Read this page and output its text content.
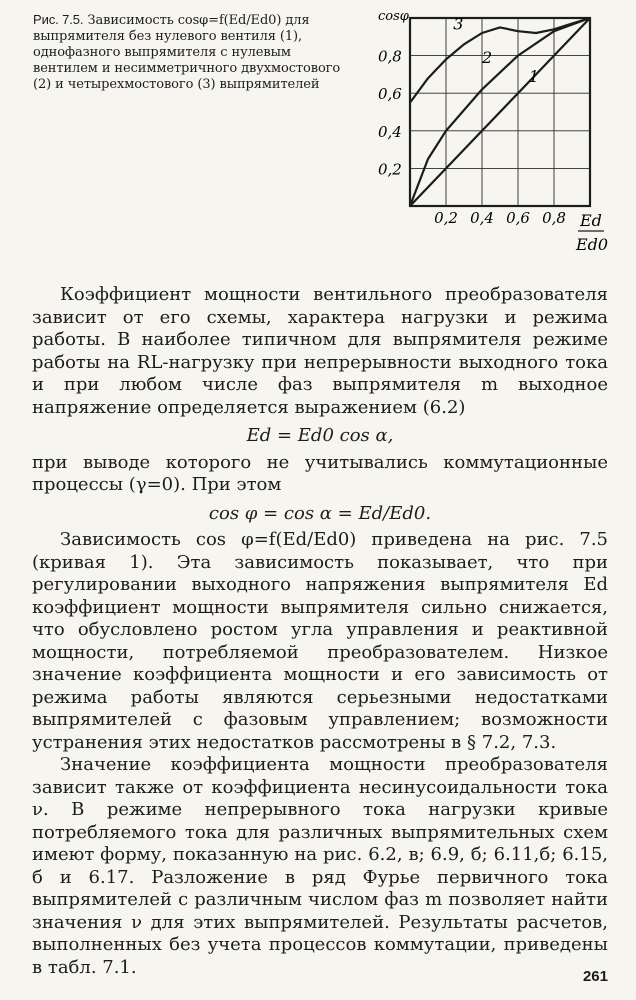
Рис. 7.5. Зависимость cosφ=f(Ed/Ed0) для выпрямителя без нулевого вентиля (1), однофазного выпрямителя с нулевым вентилем и несимметричного двухмостового (2) и четырехмостового (3) выпрямителей
0,2 0,4 0,6 0,8
0,8
0,6
0,4
0,2
1
2
3
cosφ
Ed
Ed0

Коэффициент мощности вентильного преобразователя зависит от его схемы, характера нагрузки и режима работы. В наиболее типичном для выпрямителя режиме работы на RL-нагрузку при непрерывности выходного тока и при любом числе фаз выпрямителя m выходное напряжение определяется выражением (6.2)

Ed = Ed0 cos α,

при выводе которого не учитывались коммутационные процессы (γ=0). При этом

cos φ = cos α = Ed/Ed0.

Зависимость cos φ=f(Ed/Ed0) приведена на рис. 7.5 (кривая 1). Эта зависимость показывает, что при регулировании выходного напряжения выпрямителя Ed коэффициент мощности выпрямителя сильно снижается, что обусловлено ростом угла управления и реактивной мощности, потребляемой преобразователем. Низкое значение коэффициента мощности и его зависимость от режима работы являются серьезными недостатками выпрямителей с фазовым управлением; возможности устранения этих недостатков рассмотрены в § 7.2, 7.3.

Значение коэффициента мощности преобразователя зависит также от коэффициента несинусоидальности тока ν. В режиме непрерывного тока нагрузки кривые потребляемого тока для различных выпрямительных схем имеют форму, показанную на рис. 6.2, в; 6.9, б; 6.11,б; 6.15, б и 6.17. Разложение в ряд Фурье первичного тока выпрямителей с различным числом фаз m позволяет найти значения ν для этих выпрямителей. Результаты расчетов, выполненных без учета процессов коммутации, приведены в табл. 7.1.	261
